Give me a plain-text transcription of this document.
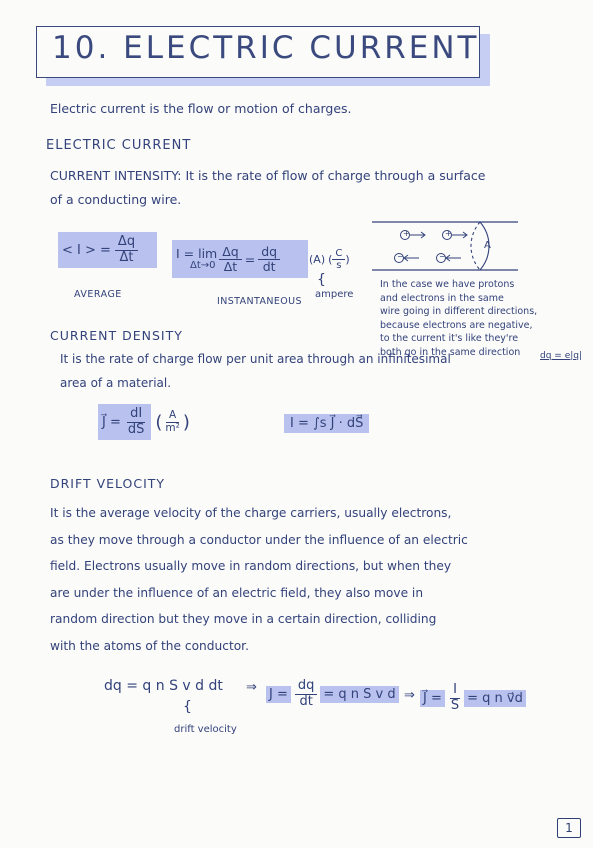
10. ELECTRIC CURRENT
Electric current is the flow or motion of charges.
ELECTRIC CURRENT
CURRENT INTENSITY: It is the rate of flow of charge through a surface
of a conducting wire.
< I > = $\frac{\Delta q}{\Delta t}$
AVERAGE
I = lim
$\Delta t\to 0 \frac{\Delta q}{\Delta t} = \frac{dq}{dt}$	(A) ( $\frac{C}{s}$ )
{
ampere
INSTANTANEOUS
+	+
−	−
A
In the case we have protons
and electrons in the same
wire going in different directions,
because electrons are negative,
to the current it's like they're
both go in the same direction	dq = e|q|
CURRENT DENSITY
It is the rate of charge flow per unit area through an infinitesimal
area of a material.
J⃗ = $\frac{dI}{dS}$ ( $\frac{A}{\text{m²}}$ )	I = ∫s J⃗ · dS⃗
DRIFT VELOCITY
It is the average velocity of the charge carriers, usually electrons,
as they move through a conductor under the influence of an electric
field. Electrons usually move in random directions, but when they
are under the influence of an electric field, they also move in
random direction but they move in a certain direction, colliding
with the atoms of the conductor.
dq = q n S v d dt
{
drift velocity
⇒ $J = \frac{dq}{dt} = q$ n S v d ⇒ J⃗ = $\frac{I}{S} = q$ n v⃗d
1
